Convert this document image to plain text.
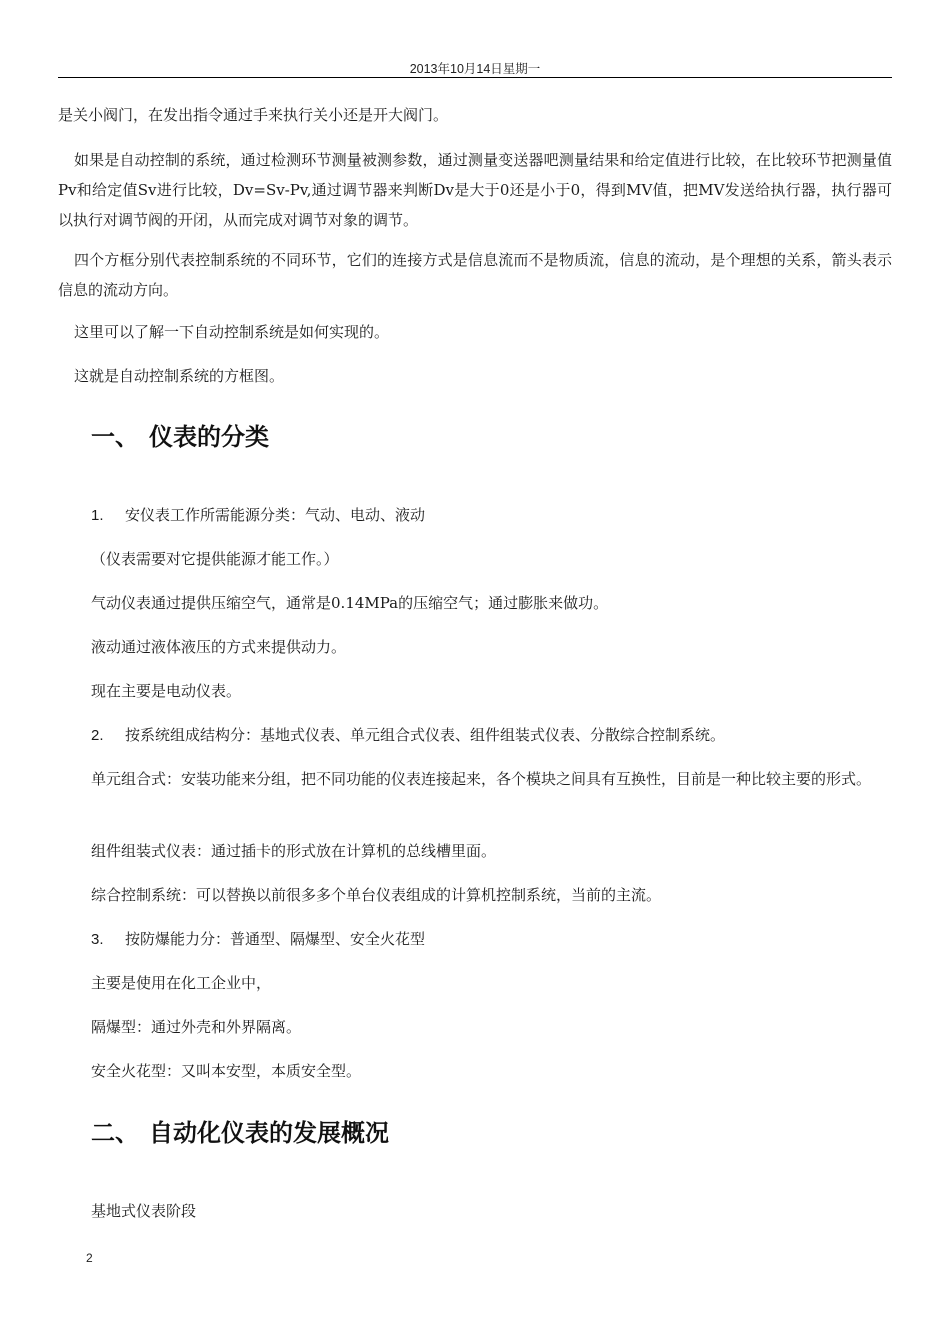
2013年10月14日星期一
是关小阀门，在发出指令通过手来执行关小还是开大阀门。
如果是自动控制的系统，通过检测环节测量被测参数，通过测量变送器吧测量结果和给定值进行比较，在比较环节把测量值Pv和给定值Sv进行比较，Dv=Sv-Pv,通过调节器来判断Dv是大于0还是小于0，得到MV值，把MV发送给执行器，执行器可以执行对调节阀的开闭，从而完成对调节对象的调节。
四个方框分别代表控制系统的不同环节，它们的连接方式是信息流而不是物质流，信息的流动，是个理想的关系，箭头表示信息的流动方向。
这里可以了解一下自动控制系统是如何实现的。
这就是自动控制系统的方框图。
一、 仪表的分类
1. 安仪表工作所需能源分类：气动、电动、液动
（仪表需要对它提供能源才能工作。）
气动仪表通过提供压缩空气，通常是0.14MPa的压缩空气；通过膨胀来做功。
液动通过液体液压的方式来提供动力。
现在主要是电动仪表。
2. 按系统组成结构分：基地式仪表、单元组合式仪表、组件组装式仪表、分散综合控制系统。
单元组合式：安装功能来分组，把不同功能的仪表连接起来，各个模块之间具有互换性，目前是一种比较主要的形式。
组件组装式仪表：通过插卡的形式放在计算机的总线槽里面。
综合控制系统：可以替换以前很多多个单台仪表组成的计算机控制系统，当前的主流。
3. 按防爆能力分：普通型、隔爆型、安全火花型
主要是使用在化工企业中，
隔爆型：通过外壳和外界隔离。
安全火花型：又叫本安型，本质安全型。
二、 自动化仪表的发展概况
基地式仪表阶段
2
